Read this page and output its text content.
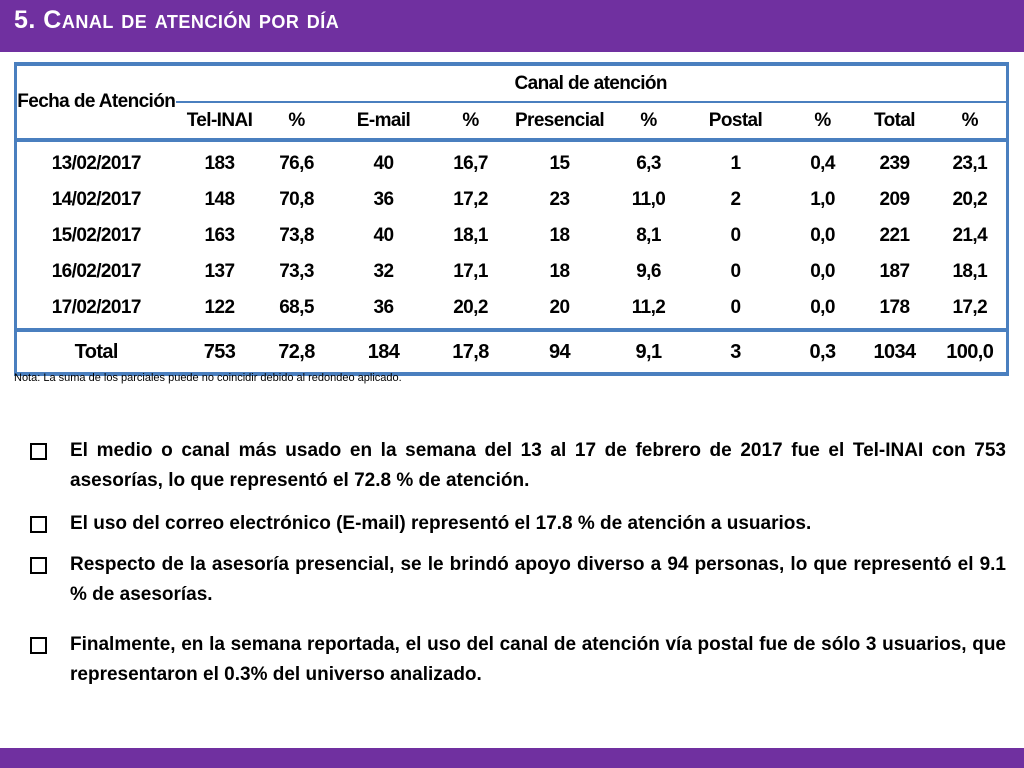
5. Canal de atención por día
Fecha de Atención	Canal de atención									
	Tel-INAI	%	E-mail	%	Presencial	%	Postal	%	Total	%
13/02/2017	183	76,6	40	16,7	15	6,3	1	0,4	239	23,1
14/02/2017	148	70,8	36	17,2	23	11,0	2	1,0	209	20,2
15/02/2017	163	73,8	40	18,1	18	8,1	0	0,0	221	21,4
16/02/2017	137	73,3	32	17,1	18	9,6	0	0,0	187	18,1
17/02/2017	122	68,5	36	20,2	20	11,2	0	0,0	178	17,2
Total	753	72,8	184	17,8	94	9,1	3	0,3	1034	100,0
Nota: La suma de los parciales puede no coincidir debido al redondeo aplicado.
El medio o canal más usado en la semana del 13 al 17 de febrero de 2017 fue el Tel-INAI con 753 asesorías, lo que representó el 72.8 % de atención.
El uso del correo electrónico (E-mail) representó el 17.8 % de atención a usuarios.
Respecto de la asesoría presencial, se le brindó apoyo diverso a 94 personas, lo que representó el 9.1 % de asesorías.
Finalmente, en la semana reportada, el uso del canal de atención vía postal fue de sólo 3 usuarios, que representaron el 0.3% del universo analizado.
